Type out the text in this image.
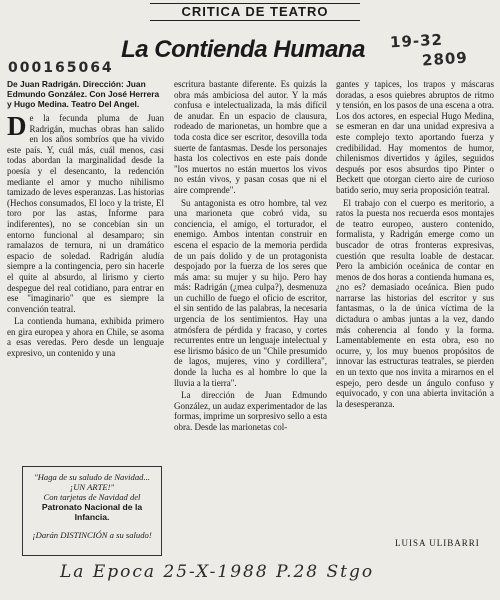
CRITICA DE TEATRO
La Contienda Humana	19-32
2809
000165064
De Juan Radrigán. Dirección: Juan Edmundo González. Con José Herrera y Hugo Medina. Teatro Del Angel.

De la fecunda pluma de Juan Radrigán, muchas obras han salido en los años sombríos que ha vivido este país. Y, cuál más, cuál menos, casi todas abordan la marginalidad desde la poesía y el desencanto, la redención mediante el amor y mucho nihilismo tamizado de leves esperanzas. Las historias (Hechos consumados, El loco y la triste, El toro por las astas, Informe para indiferentes), no se concebían sin un entorno funcional al desamparo; sin ramalazos de ternura, ni un dramático espacio de soledad. Radrigán aludía siempre a la contingencia, pero sin hacerle el quite al absurdo, al lirismo y cierto despegue del real cotidiano, para entrar en ese "imaginario" que es siempre la convención teatral.

La contienda humana, exhibida primero en gira europea y ahora en Chile, se asoma a esas veredas. Pero desde un lenguaje expresivo, un contenido y una

"Haga de su saludo de Navidad... ¡UN ARTE!"
Con tarjetas de Navidad del
Patronato Nacional de la Infancia.
¡Darán DISTINCIÓN a su saludo!

escritura bastante diferente. Es quizás la obra más ambiciosa del autor. Y la más confusa e intelectualizada, la más difícil de anudar. En un espacio de clausura, rodeado de marionetas, un hombre que a toda costa dice ser escritor, desovilla toda suerte de fantasmas. Desde los personajes hasta los colectivos en este país donde "los muertos no están muertos los vivos no están vivos, y pasan cosas que ni el aire comprende".

Su antagonista es otro hombre, tal vez una marioneta que cobró vida, su conciencia, el amigo, el torturador, el enemigo. Ambos intentan construir en escena el espacio de la memoria perdida de un país dolido y de un protagonista despojado por la fuerza de los seres que más ama: su mujer y su hijo. Pero hay más: Radrigán (¿mea culpa?), desmenuza un cuchillo de fuego el oficio de escritor, el sin sentido de las palabras, la necesaria urgencia de los sentimientos. Hay una atmósfera de pérdida y fracaso, y cortes recurrentes entre un lenguaje intelectual y ese lirismo básico de un "Chile presumido de lagos, mujeres, vino y cordillera", donde la lucha es al hombre lo que la lluvia a la tierra".

La dirección de Juan Edmundo González, un audaz experimentador de las formas, imprime un sorpresivo sello a esta obra. Desde las marionetas col-

gantes y tapices, los trapos y máscaras doradas, a esos quiebres abruptos de ritmo y tensión, en los pasos de una escena a otra. Los dos actores, en especial Hugo Medina, se esmeran en dar una unidad expresiva a este complejo texto aportando fuerza y credibilidad. Hay momentos de humor, chilenismos divertidos y ágiles, seguidos después por esos absurdos tipo Pinter o Beckett que otorgan cierto aire de curioso batido serio, muy seria proposición teatral.

El trabajo con el cuerpo es meritorio, a ratos la puesta nos recuerda esos montajes de teatro europeo, austero contenido, formalista, y Radrigán emerge como un buscador de otras fronteras expresivas, cuestión que resulta loable de destacar. Pero la ambición oceánica de contar en menos de dos horas a contienda humana es, ¿no es? demasiado oceánica. Bien pudo narrarse las historias del escritor y sus fantasmas, o la de única víctima de la dictadura o ambas juntas a la vez, dando más coherencia al fondo y la forma. Lamentablemente en esta obra, eso no ocurre, y, los muy buenos propósitos de innovar las estructuras teatrales, se pierden en un texto que nos invita a mirarnos en el espejo, pero desde un ángulo confuso y equívocado, y con una abierta invitación a la desesperanza.

LUISA ULIBARRI
La Epoca 25-X-1988 P.28 Stgo
